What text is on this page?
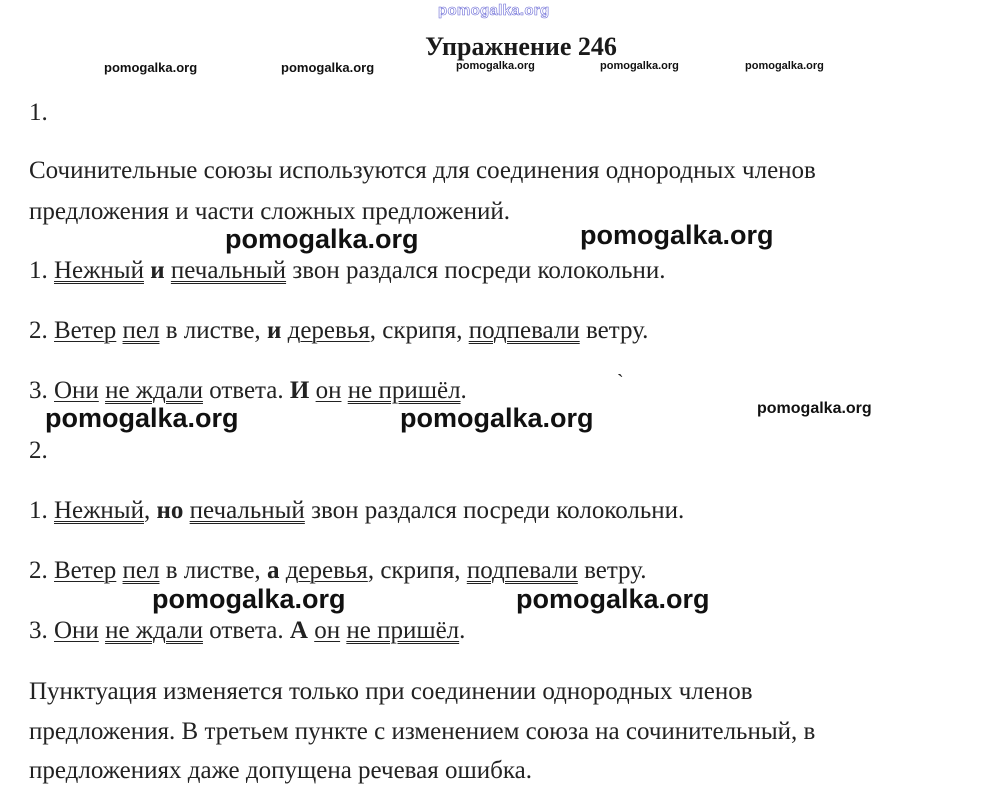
pomogalka.org
pomogalka.org	pomogalka.org	pomogalka.org	pomogalka.org	pomogalka.org
Упражнение 246
1.
Сочинительные союзы используются для соединения однородных членов
предложения и части сложных предложений.
pomogalka.org	pomogalka.org
1. Нежный и печальный звон раздался посреди колокольни.
2. Ветер пел в листве, и деревья, скрипя, подпевали ветру.
3. Они не ждали ответа. И он не пришёл.	`
pomogalka.org	pomogalka.org	pomogalka.org
2.
1. Нежный, но печальный звон раздался посреди колокольни.
2. Ветер пел в листве, а деревья, скрипя, подпевали ветру.
pomogalka.org	pomogalka.org
3. Они не ждали ответа. А он не пришёл.
Пунктуация изменяется только при соединении однородных членов
предложения. В третьем пункте с изменением союза на сочинительный, в
предложениях даже допущена речевая ошибка.
